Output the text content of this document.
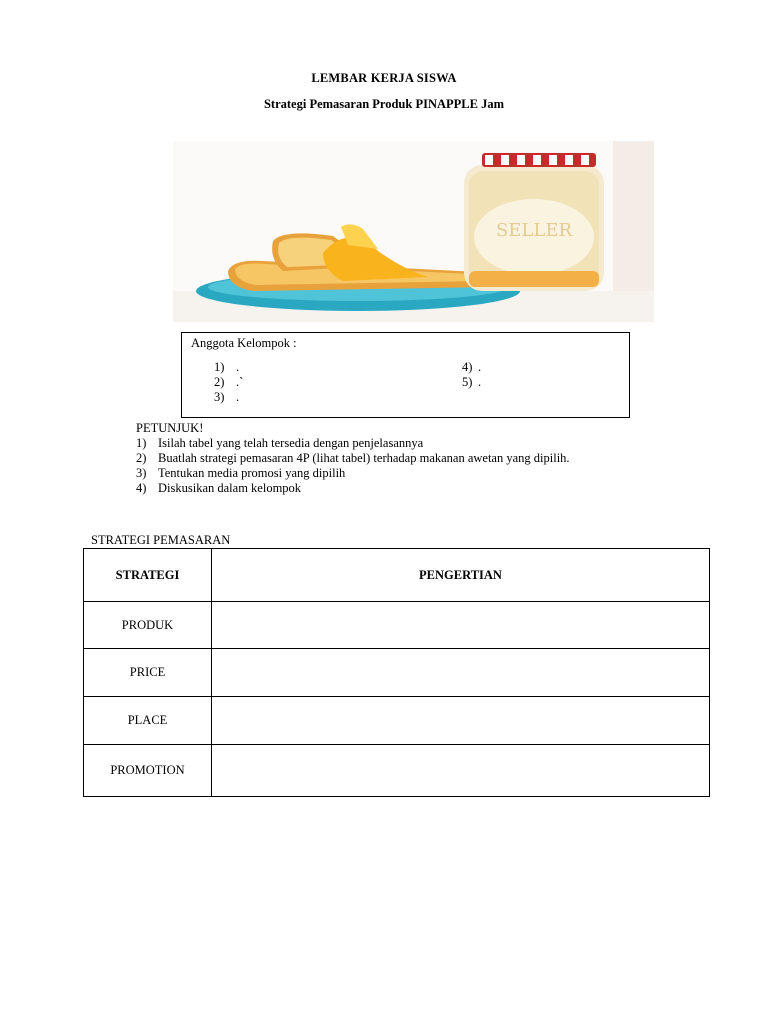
LEMBAR KERJA SISWA
Strategi Pemasaran Produk PINAPPLE Jam
SELLER
Anggota Kelompok :
1) .
2) .`
3) .
4) .
5) .
PETUNJUK!
1) Isilah tabel yang telah tersedia dengan penjelasannya
2) Buatlah strategi pemasaran 4P (lihat tabel) terhadap makanan awetan yang dipilih.
3) Tentukan media promosi yang dipilih
4) Diskusikan dalam kelompok
STRATEGI PEMASARAN
STRATEGI	PENGERTIAN
PRODUK	
PRICE	
PLACE	
PROMOTION	
